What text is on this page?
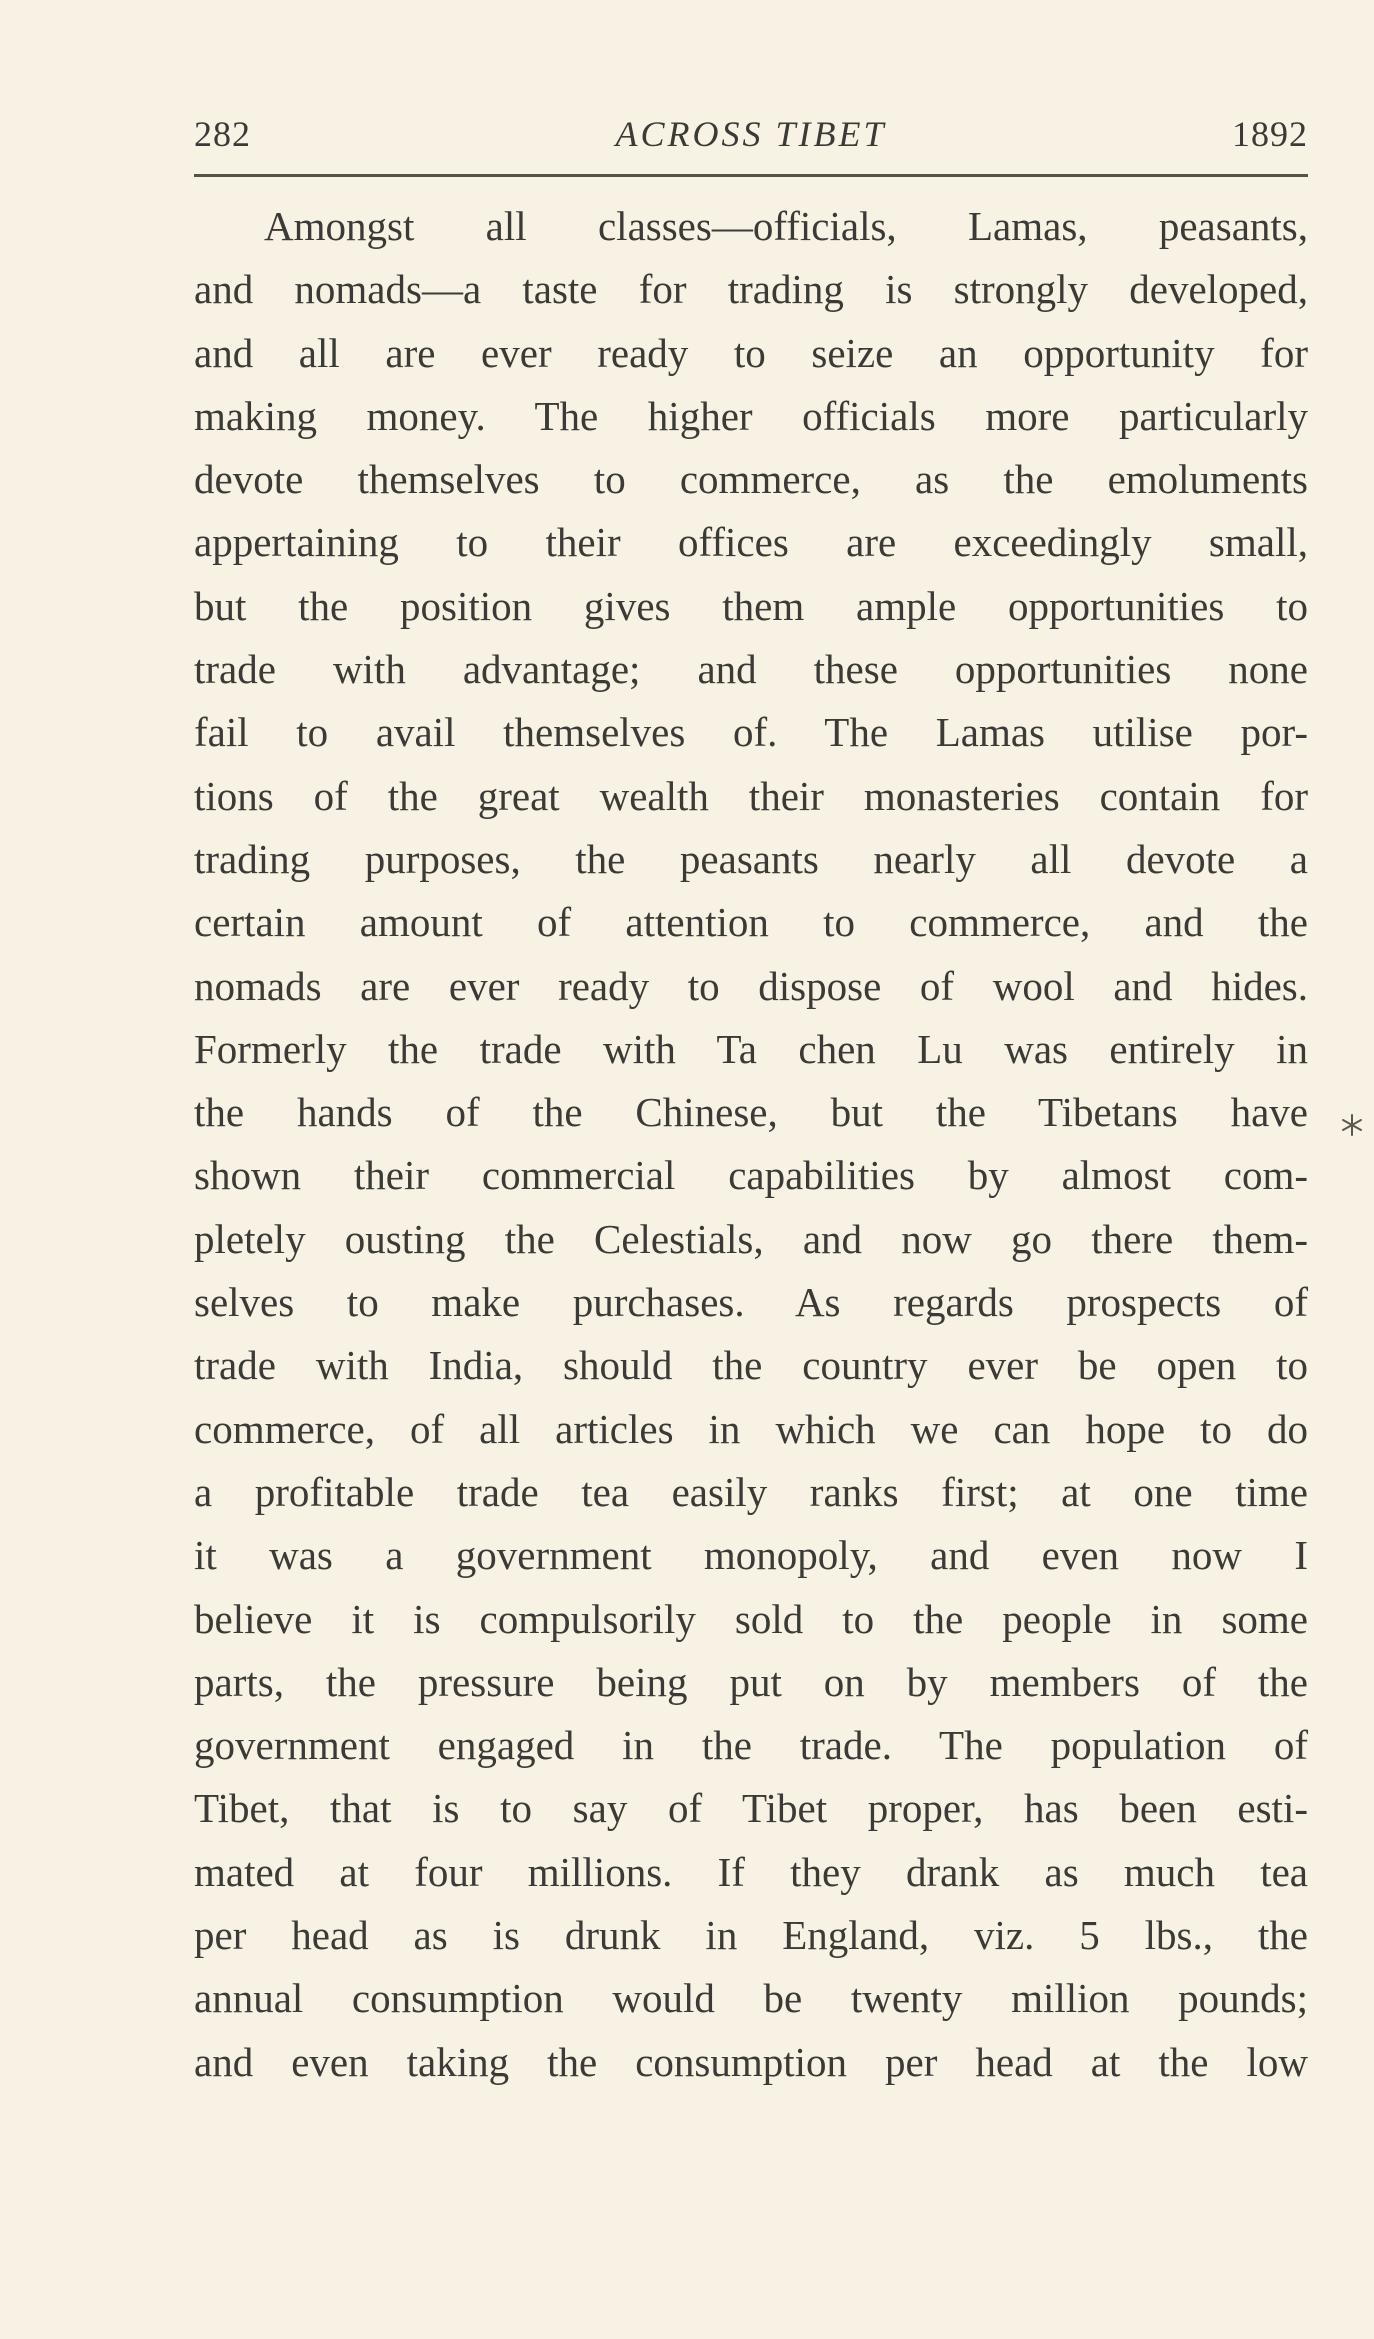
282	ACROSS TIBET	1892
Amongst all classes—officials, Lamas, peasants,
and nomads—a taste for trading is strongly developed,
and all are ever ready to seize an opportunity for
making money. The higher officials more particularly
devote themselves to commerce, as the emoluments
appertaining to their offices are exceedingly small,
but the position gives them ample opportunities to
trade with advantage; and these opportunities none
fail to avail themselves of. The Lamas utilise por-
tions of the great wealth their monasteries contain for
trading purposes, the peasants nearly all devote a
certain amount of attention to commerce, and the
nomads are ever ready to dispose of wool and hides.
Formerly the trade with Ta chen Lu was entirely in
the hands of the Chinese, but the Tibetans have
shown their commercial capabilities by almost com-
pletely ousting the Celestials, and now go there them-
selves to make purchases. As regards prospects of
trade with India, should the country ever be open to
commerce, of all articles in which we can hope to do
a profitable trade tea easily ranks first; at one time
it was a government monopoly, and even now I
believe it is compulsorily sold to the people in some
parts, the pressure being put on by members of the
government engaged in the trade. The population of
Tibet, that is to say of Tibet proper, has been esti-
mated at four millions. If they drank as much tea
per head as is drunk in England, viz. 5 lbs., the
annual consumption would be twenty million pounds;
and even taking the consumption per head at the low
